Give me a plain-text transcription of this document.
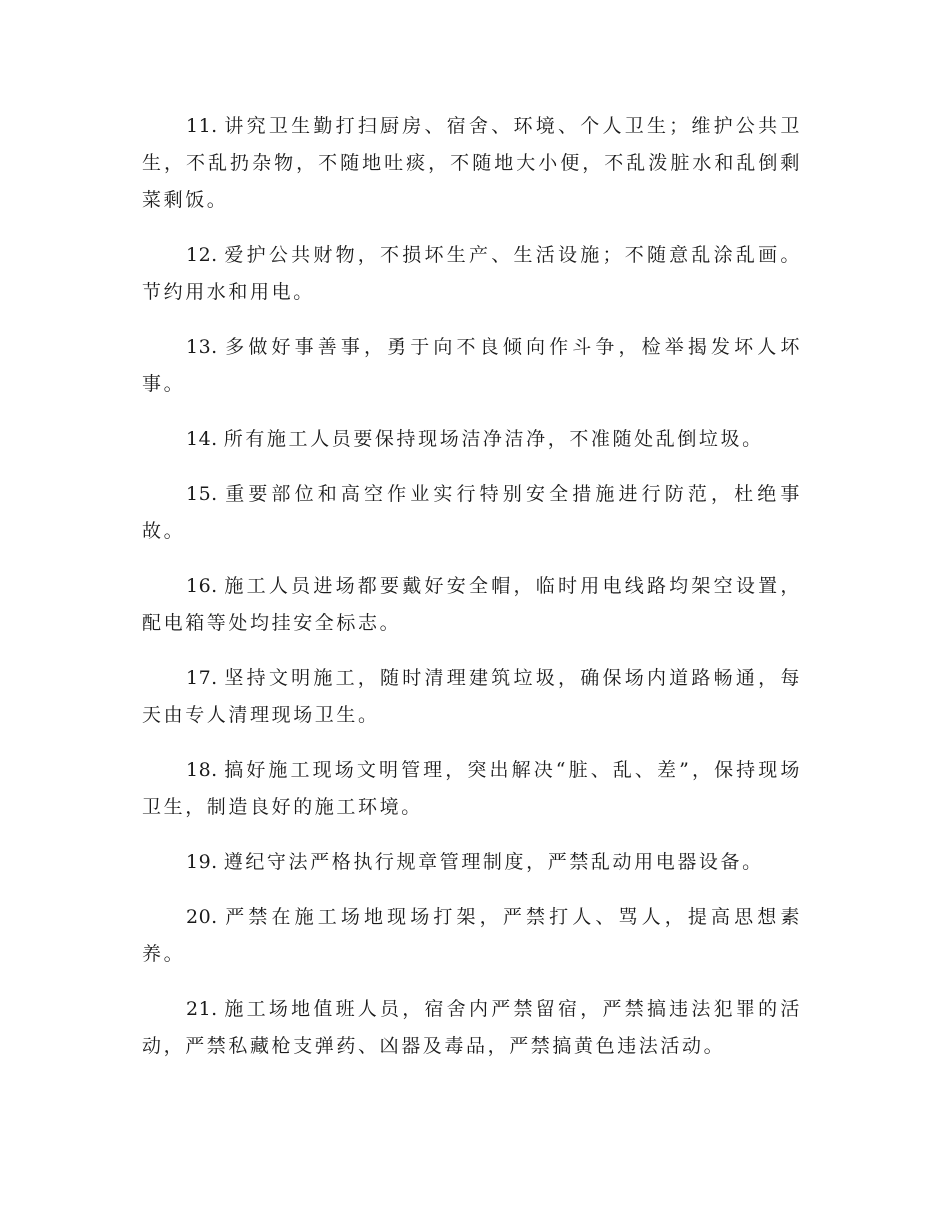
11. 讲究卫生勤打扫厨房、宿舍、环境、个人卫生；维护公共卫生，不乱扔杂物，不随地吐痰，不随地大小便，不乱泼脏水和乱倒剩菜剩饭。

12. 爱护公共财物，不损坏生产、生活设施；不随意乱涂乱画。节约用水和用电。

13. 多做好事善事，勇于向不良倾向作斗争，检举揭发坏人坏事。

14. 所有施工人员要保持现场洁净洁净，不准随处乱倒垃圾。

15. 重要部位和高空作业实行特别安全措施进行防范，杜绝事故。

16. 施工人员进场都要戴好安全帽，临时用电线路均架空设置，配电箱等处均挂安全标志。

17. 坚持文明施工，随时清理建筑垃圾，确保场内道路畅通，每天由专人清理现场卫生。

18. 搞好施工现场文明管理，突出解决“脏、乱、差”，保持现场卫生，制造良好的施工环境。

19. 遵纪守法严格执行规章管理制度，严禁乱动用电器设备。

20. 严禁在施工场地现场打架，严禁打人、骂人，提高思想素养。

21. 施工场地值班人员，宿舍内严禁留宿，严禁搞违法犯罪的活动，严禁私藏枪支弹药、凶器及毒品，严禁搞黄色违法活动。
